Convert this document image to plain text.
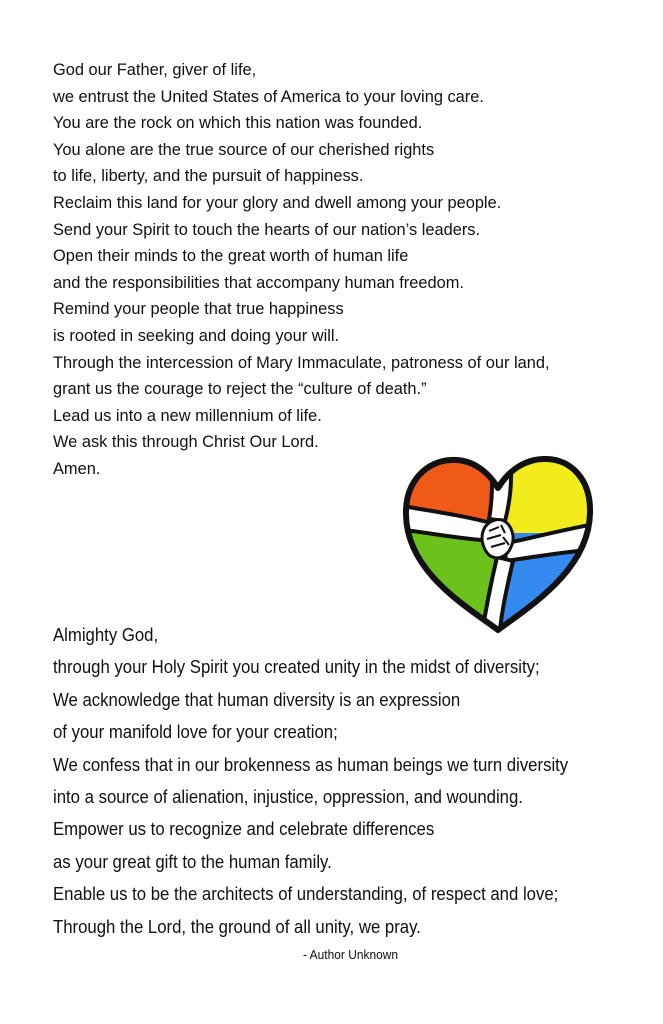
God our Father, giver of life,
we entrust the United States of America to your loving care.
You are the rock on which this nation was founded.
You alone are the true source of our cherished rights
to life, liberty, and the pursuit of happiness.
Reclaim this land for your glory and dwell among your people.
Send your Spirit to touch the hearts of our nation’s leaders.
Open their minds to the great worth of human life
and the responsibilities that accompany human freedom.
Remind your people that true happiness
is rooted in seeking and doing your will.
Through the intercession of Mary Immaculate, patroness of our land,
grant us the courage to reject the “culture of death.”
Lead us into a new millennium of life.
We ask this through Christ Our Lord.
Amen.
Almighty God,
through your Holy Spirit you created unity in the midst of diversity;
We acknowledge that human diversity is an expression
of your manifold love for your creation;
We confess that in our brokenness as human beings we turn diversity
into a source of alienation, injustice, oppression, and wounding.
Empower us to recognize and celebrate differences
as your great gift to the human family.
Enable us to be the architects of understanding, of respect and love;
Through the Lord, the ground of all unity, we pray.
- Author Unknown
